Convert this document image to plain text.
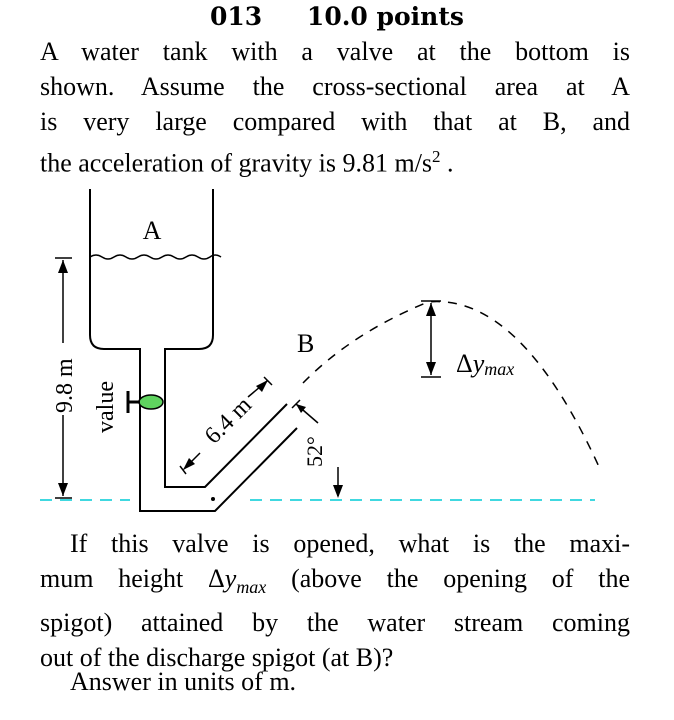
013 10.0 points
A water tank with a valve at the bottom is
shown. Assume the cross-sectional area at A
is very large compared with that at B, and
the acceleration of gravity is 9.81 $m/s^2$ .
A
value
9.8 m
6.4 m
B
52°
Δymax
If this valve is opened, what is the maxi-
mum height $\Delta y_{max}$ (above the opening of the
spigot) attained by the water stream coming
out of the discharge spigot (at B)?
Answer in units of m.
